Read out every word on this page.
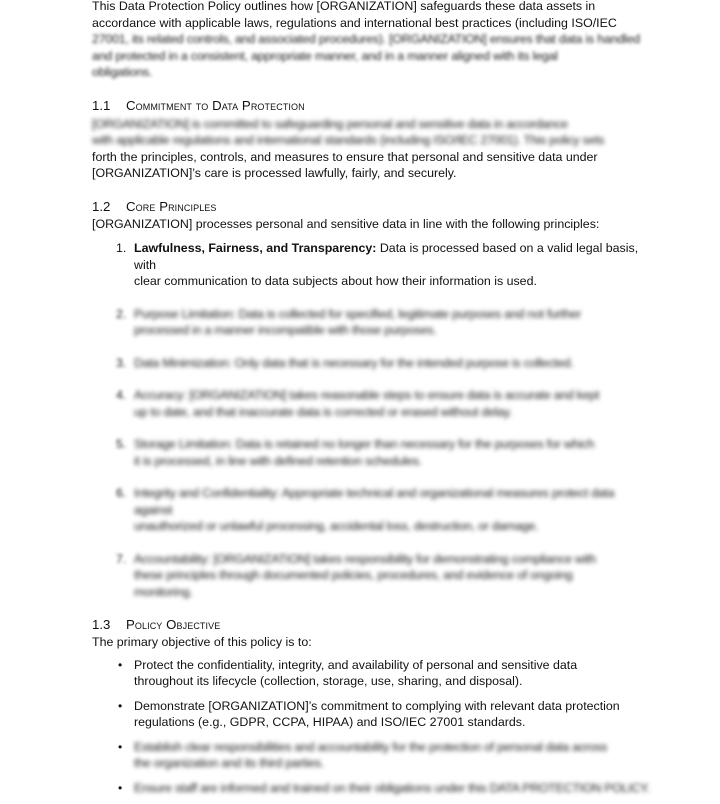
This Data Protection Policy outlines how [ORGANIZATION] safeguards these data assets in

accordance with applicable laws, regulations and international best practices (including ISO/IEC

27001, its related controls, and associated procedures). [ORGANIZATION] ensures that data is handled

and protected in a consistent, appropriate manner, and in a manner aligned with its legal

obligations.

1.1	Commitment to Data Protection

[ORGANIZATION] is committed to safeguarding personal and sensitive data in accordance

with applicable regulations and international standards (including ISO/IEC 27001). This policy sets

forth the principles, controls, and measures to ensure that personal and sensitive data under

[ORGANIZATION]’s care is processed lawfully, fairly, and securely.

1.2	Core Principles

[ORGANIZATION] processes personal and sensitive data in line with the following principles:

1. Lawfulness, Fairness, and Transparency: Data is processed based on a valid legal basis, with

clear communication to data subjects about how their information is used.

2. Purpose Limitation: Data is collected for specified, legitimate purposes and not further

processed in a manner incompatible with those purposes.

3. Data Minimization: Only data that is necessary for the intended purpose is collected.

4. Accuracy: [ORGANIZATION] takes reasonable steps to ensure data is accurate and kept

up to date, and that inaccurate data is corrected or erased without delay.

5. Storage Limitation: Data is retained no longer than necessary for the purposes for which

it is processed, in line with defined retention schedules.

6. Integrity and Confidentiality: Appropriate technical and organizational measures protect data against

unauthorized or unlawful processing, accidental loss, destruction, or damage.

7. Accountability: [ORGANIZATION] takes responsibility for demonstrating compliance with

these principles through documented policies, procedures, and evidence of ongoing

monitoring.

1.3	Policy Objective

The primary objective of this policy is to:

• Protect the confidentiality, integrity, and availability of personal and sensitive data

throughout its lifecycle (collection, storage, use, sharing, and disposal).

• Demonstrate [ORGANIZATION]’s commitment to complying with relevant data protection

regulations (e.g., GDPR, CCPA, HIPAA) and ISO/IEC 27001 standards.

• Establish clear responsibilities and accountability for the protection of personal data across

the organization and its third parties.

• Ensure staff are informed and trained on their obligations under this DATA PROTECTION POLICY.
